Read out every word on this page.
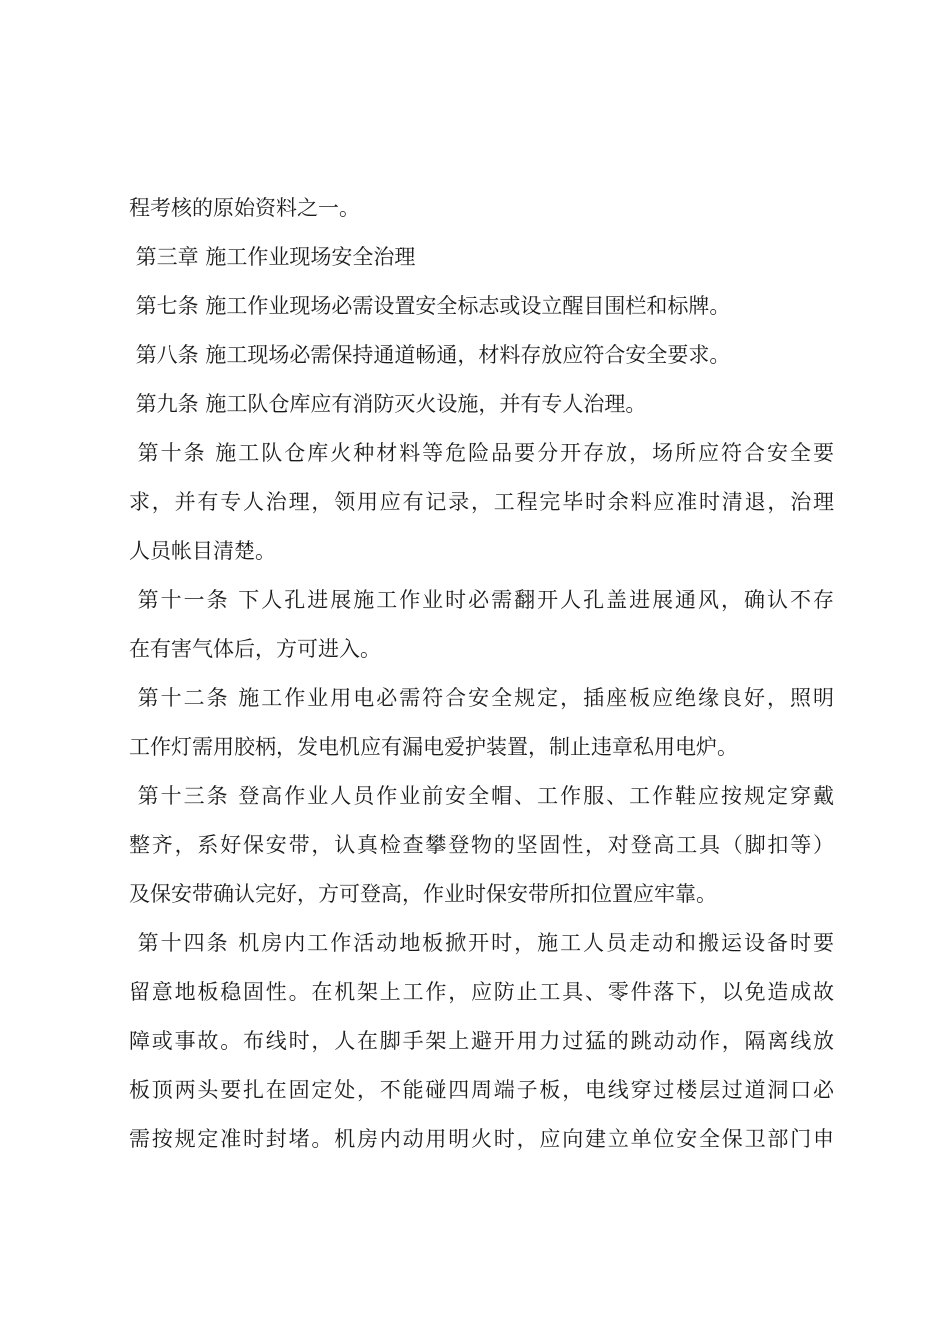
程考核的原始资料之一。
第三章 施工作业现场安全治理
第七条 施工作业现场必需设置安全标志或设立醒目围栏和标牌。
第八条 施工现场必需保持通道畅通，材料存放应符合安全要求。
第九条 施工队仓库应有消防灭火设施，并有专人治理。
第十条 施工队仓库火种材料等危险品要分开存放，场所应符合安全要
求，并有专人治理，领用应有记录，工程完毕时余料应准时清退，治理
人员帐目清楚。
第十一条 下人孔进展施工作业时必需翻开人孔盖进展通风，确认不存
在有害气体后，方可进入。
第十二条 施工作业用电必需符合安全规定，插座板应绝缘良好，照明
工作灯需用胶柄，发电机应有漏电爱护装置，制止违章私用电炉。
第十三条 登高作业人员作业前安全帽、工作服、工作鞋应按规定穿戴
整齐，系好保安带，认真检查攀登物的坚固性，对登高工具（脚扣等）
及保安带确认完好，方可登高，作业时保安带所扣位置应牢靠。
第十四条 机房内工作活动地板掀开时，施工人员走动和搬运设备时要
留意地板稳固性。在机架上工作，应防止工具、零件落下，以免造成故
障或事故。布线时，人在脚手架上避开用力过猛的跳动动作，隔离线放
板顶两头要扎在固定处，不能碰四周端子板，电线穿过楼层过道洞口必
需按规定准时封堵。机房内动用明火时，应向建立单位安全保卫部门申
